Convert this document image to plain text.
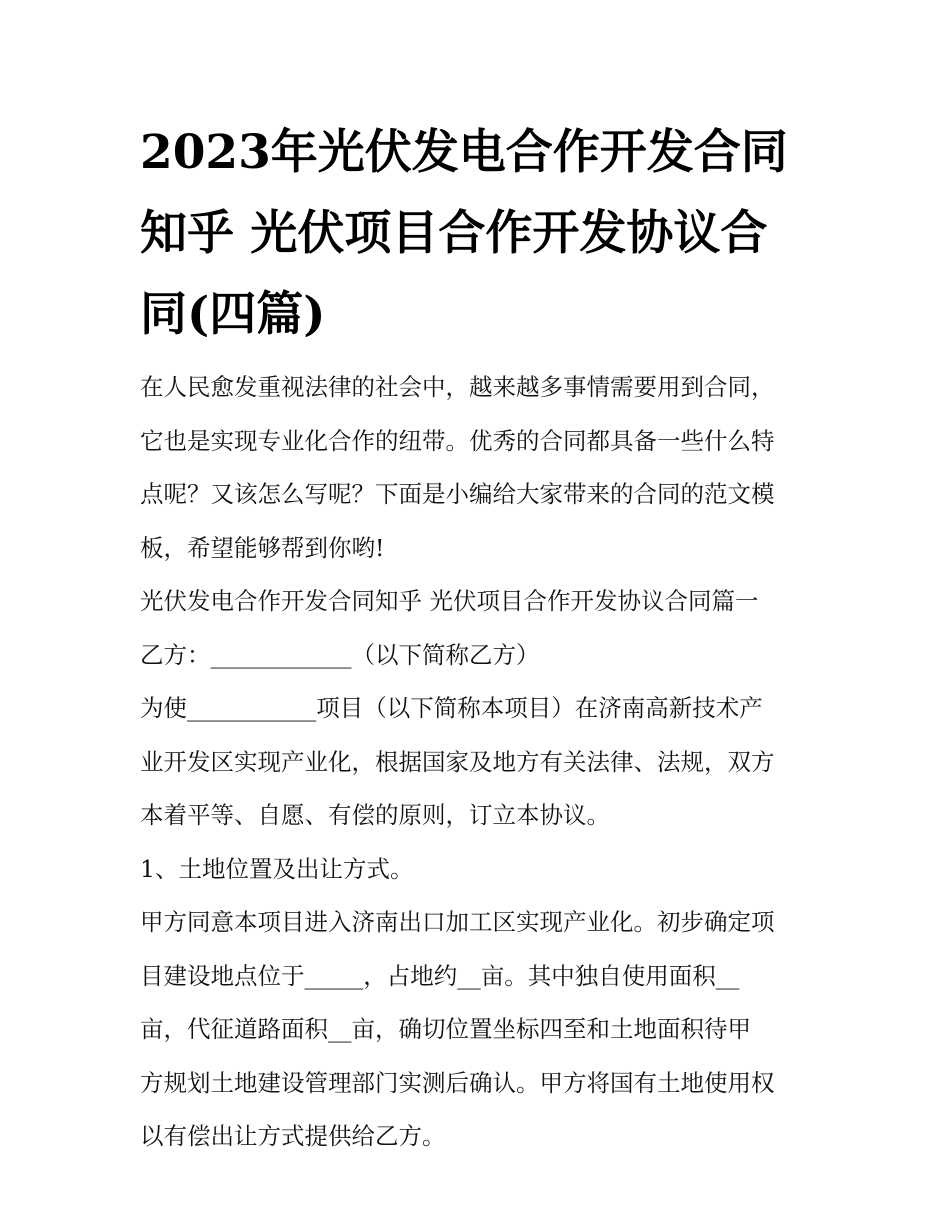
2023年光伏发电合作开发合同
知乎 光伏项目合作开发协议合
同(四篇)

在人民愈发重视法律的社会中，越来越多事情需要用到合同，
它也是实现专业化合作的纽带。优秀的合同都具备一些什么特
点呢？又该怎么写呢？下面是小编给大家带来的合同的范文模
板，希望能够帮到你哟!

光伏发电合作开发合同知乎 光伏项目合作开发协议合同篇一

乙方：____________（以下简称乙方）

为使___________项目（以下简称本项目）在济南高新技术产
业开发区实现产业化，根据国家及地方有关法律、法规，双方
本着平等、自愿、有偿的原则，订立本协议。

1、土地位置及出让方式。

甲方同意本项目进入济南出口加工区实现产业化。初步确定项
目建设地点位于_____，占地约__亩。其中独自使用面积__
亩，代征道路面积__亩，确切位置坐标四至和土地面积待甲
方规划土地建设管理部门实测后确认。甲方将国有土地使用权
以有偿出让方式提供给乙方。
